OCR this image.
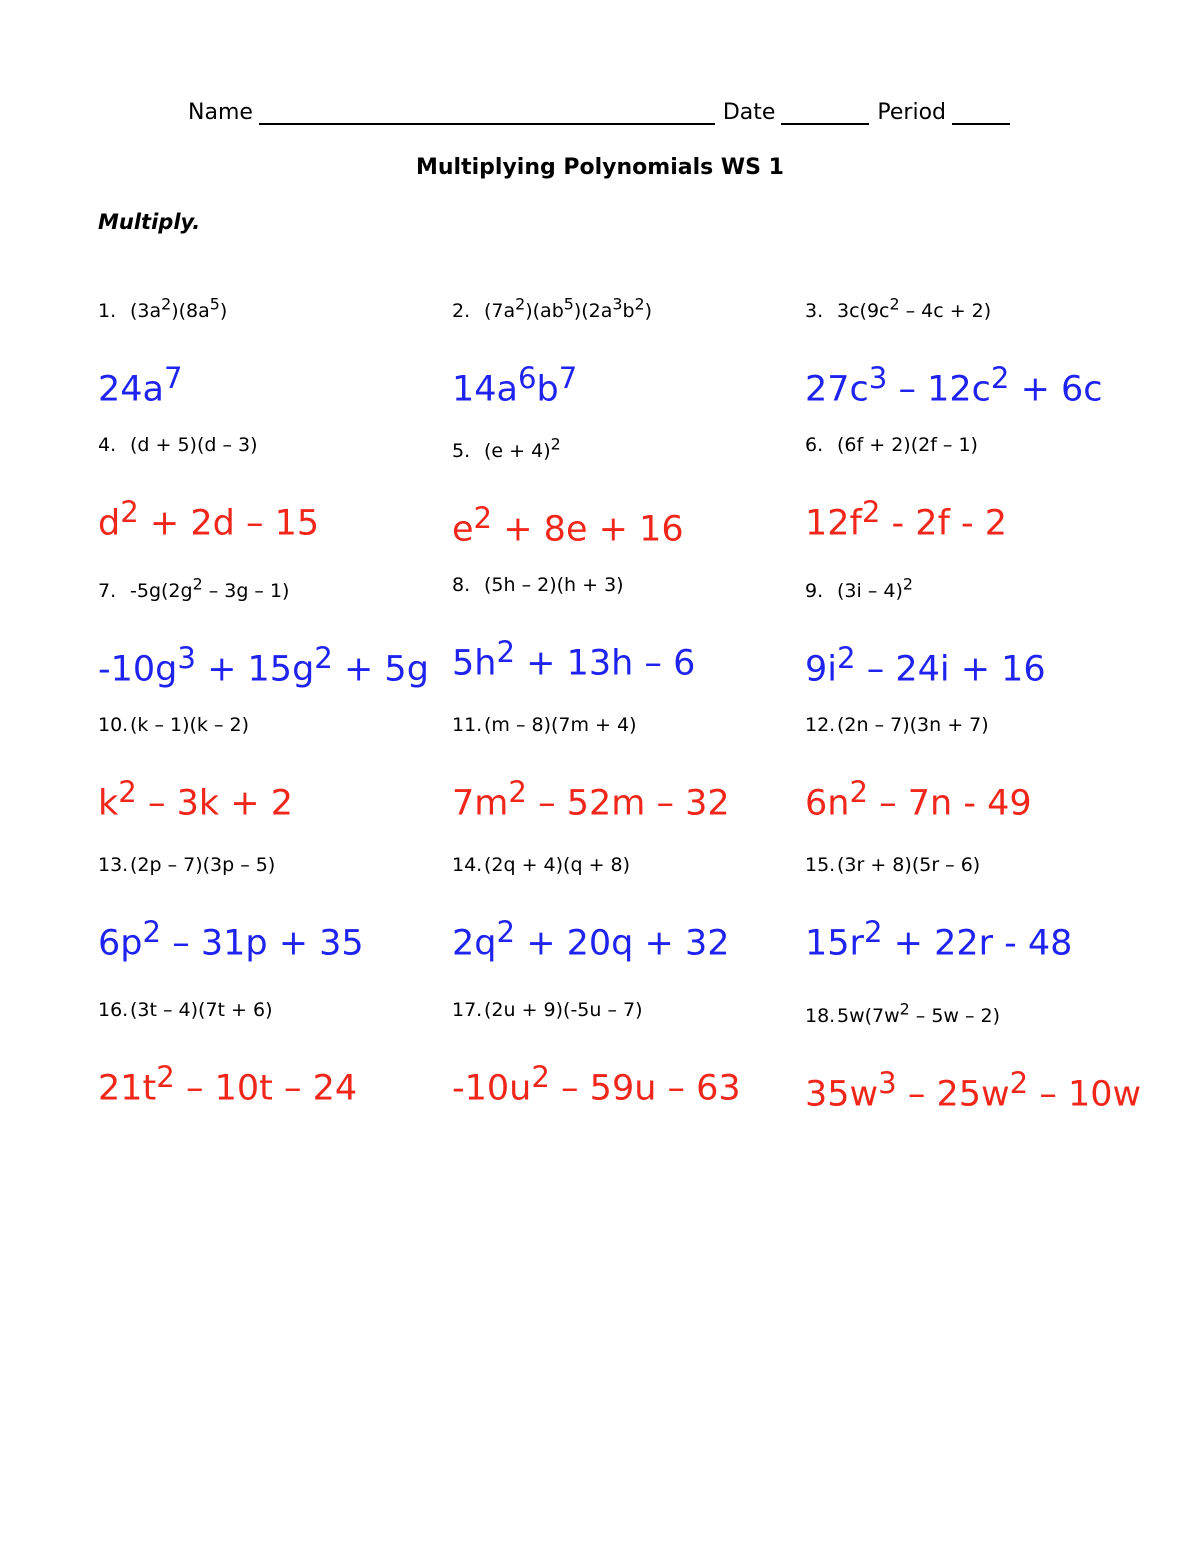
Name	Date	Period
Multiplying Polynomials WS 1
Multiply.
1. $(3a^2)(8a^5)$
$24a^7$
2. $(7a^2)(ab^5)(2a^3b^2)$
$14a^6b^7$
3. $3c(9c^2 - 4c + 2)$
$27c^3 - 12c^2 + 6c$
4. (d + 5)(d – 3)
$d^2 + 2d - 15$
5. $(e + 4)^2$
$e^2 + 8e + 16$
6. (6f + 2)(2f – 1)
$12f^2 - 2f - 2$
7. $-5g(2g^2 - 3g - 1)$
$-10g^3 + 15g^2 + 5g$
8. (5h – 2)(h + 3)
$5h^2 + 13h - 6$
9. (3i – 4)$^2$
$9i^2 - 24i + 16$
10.(k – 1)(k – 2)
$k^2 - 3k + 2$
11.(m – 8)(7m + 4)
$7m^2 - 52m - 32$
12.(2n – 7)(3n + 7)
$6n^2 - 7n - 49$
13.(2p – 7)(3p – 5)
$6p^2 - 31p + 35$
14.(2q + 4)(q + 8)
$2q^2 + 20q + 32$
15.(3r + 8)(5r – 6)
$15r^2 + 22r - 48$
16.(3t – 4)(7t + 6)
$21t^2 - 10t - 24$
17.(2u + 9)(-5u – 7)
$-10u^2 - 59u - 63$
$18.5w(7w^2 - 5w - 2)$
$35w^3 - 25w^2 - 10w$
